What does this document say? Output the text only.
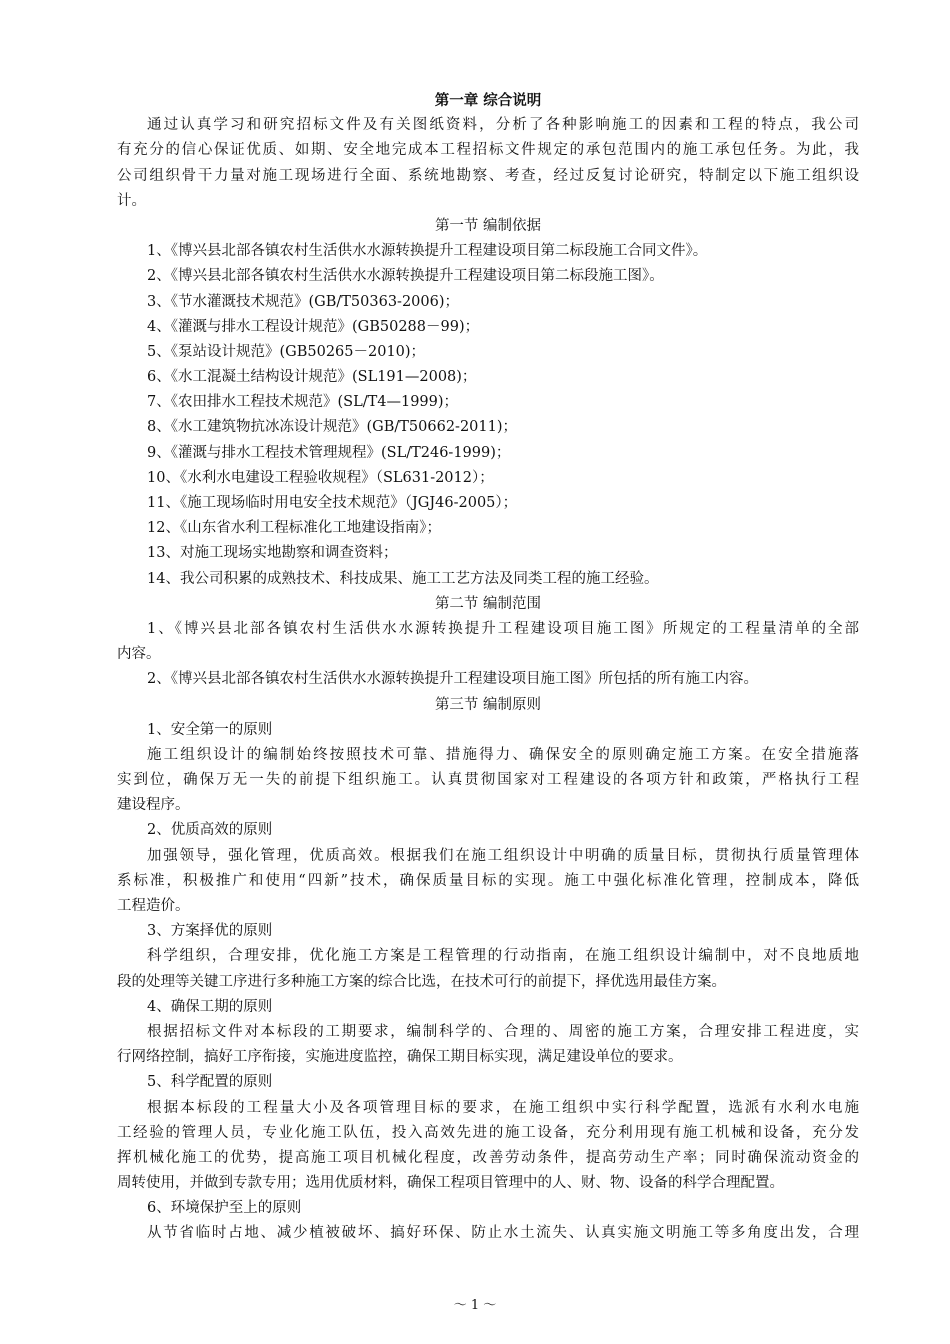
第一章 综合说明
通过认真学习和研究招标文件及有关图纸资料，分析了各种影响施工的因素和工程的特点，我公司
有充分的信心保证优质、如期、安全地完成本工程招标文件规定的承包范围内的施工承包任务。为此，我
公司组织骨干力量对施工现场进行全面、系统地勘察、考查，经过反复讨论研究，特制定以下施工组织设
计。
第一节 编制依据
1、《博兴县北部各镇农村生活供水水源转换提升工程建设项目第二标段施工合同文件》。
2、《博兴县北部各镇农村生活供水水源转换提升工程建设项目第二标段施工图》。
3、《节水灌溉技术规范》(GB/T50363-2006)；
4、《灌溉与排水工程设计规范》(GB50288－99)；
5、《泵站设计规范》(GB50265－2010)；
6、《水工混凝土结构设计规范》(SL191—2008)；
7、《农田排水工程技术规范》(SL/T4—1999)；
8、《水工建筑物抗冰冻设计规范》(GB/T50662-2011)；
9、《灌溉与排水工程技术管理规程》(SL/T246-1999)；
10、《水利水电建设工程验收规程》（SL631-2012）；
11、《施工现场临时用电安全技术规范》（JGJ46-2005）；
12、《山东省水利工程标准化工地建设指南》；
13、对施工现场实地勘察和调查资料；
14、我公司积累的成熟技术、科技成果、施工工艺方法及同类工程的施工经验。
第二节 编制范围
1、《博兴县北部各镇农村生活供水水源转换提升工程建设项目施工图》所规定的工程量清单的全部
内容。
2、《博兴县北部各镇农村生活供水水源转换提升工程建设项目施工图》所包括的所有施工内容。
第三节 编制原则
1、安全第一的原则
施工组织设计的编制始终按照技术可靠、措施得力、确保安全的原则确定施工方案。在安全措施落
实到位，确保万无一失的前提下组织施工。认真贯彻国家对工程建设的各项方针和政策，严格执行工程
建设程序。
2、优质高效的原则
加强领导，强化管理，优质高效。根据我们在施工组织设计中明确的质量目标，贯彻执行质量管理体
系标准，积极推广和使用“四新”技术，确保质量目标的实现。施工中强化标准化管理，控制成本，降低
工程造价。
3、方案择优的原则
科学组织，合理安排，优化施工方案是工程管理的行动指南，在施工组织设计编制中，对不良地质地
段的处理等关键工序进行多种施工方案的综合比选，在技术可行的前提下，择优选用最佳方案。
4、确保工期的原则
根据招标文件对本标段的工期要求，编制科学的、合理的、周密的施工方案，合理安排工程进度，实
行网络控制，搞好工序衔接，实施进度监控，确保工期目标实现，满足建设单位的要求。
5、科学配置的原则
根据本标段的工程量大小及各项管理目标的要求，在施工组织中实行科学配置，选派有水利水电施
工经验的管理人员，专业化施工队伍，投入高效先进的施工设备，充分利用现有施工机械和设备，充分发
挥机械化施工的优势，提高施工项目机械化程度，改善劳动条件，提高劳动生产率；同时确保流动资金的
周转使用，并做到专款专用；选用优质材料，确保工程项目管理中的人、财、物、设备的科学合理配置。
6、环境保护至上的原则
从节省临时占地、减少植被破坏、搞好环保、防止水土流失、认真实施文明施工等多角度出发，合理
～ 1 ～
